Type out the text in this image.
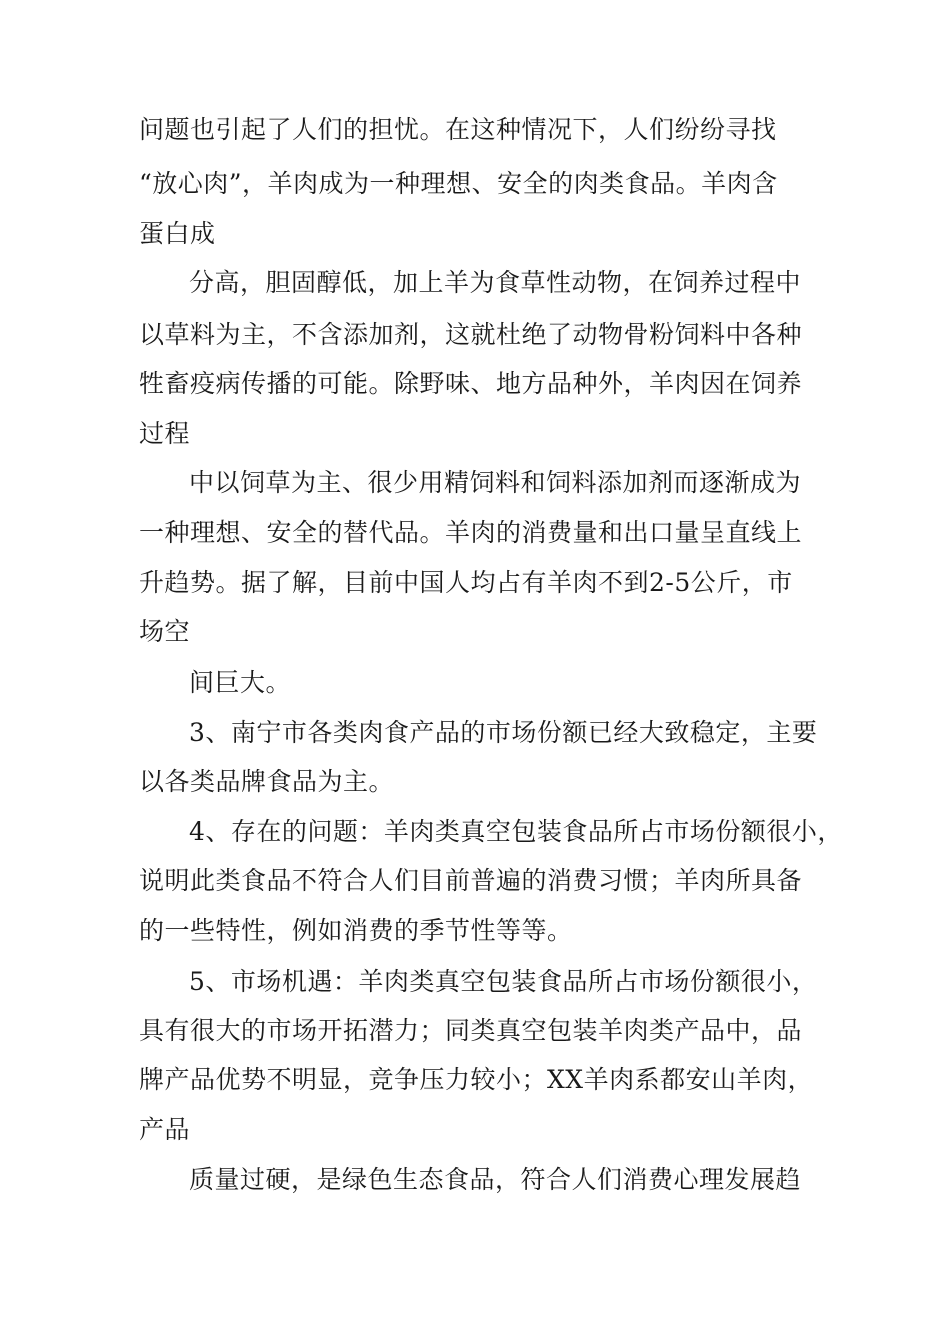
问题也引起了人们的担忧。在这种情况下，人们纷纷寻找
“放心肉”，羊肉成为一种理想、安全的肉类食品。羊肉含
蛋白成
分高，胆固醇低，加上羊为食草性动物，在饲养过程中
以草料为主，不含添加剂，这就杜绝了动物骨粉饲料中各种
牲畜疫病传播的可能。除野味、地方品种外，羊肉因在饲养
过程
中以饲草为主、很少用精饲料和饲料添加剂而逐渐成为
一种理想、安全的替代品。羊肉的消费量和出口量呈直线上
升趋势。据了解，目前中国人均占有羊肉不到2-5公斤，市
场空
间巨大。
3、南宁市各类肉食产品的市场份额已经大致稳定，主要
以各类品牌食品为主。
4、存在的问题：羊肉类真空包装食品所占市场份额很小，
说明此类食品不符合人们目前普遍的消费习惯；羊肉所具备
的一些特性，例如消费的季节性等等。
5、市场机遇：羊肉类真空包装食品所占市场份额很小，
具有很大的市场开拓潜力；同类真空包装羊肉类产品中，品
牌产品优势不明显，竞争压力较小；XX羊肉系都安山羊肉，
产品
质量过硬，是绿色生态食品，符合人们消费心理发展趋
